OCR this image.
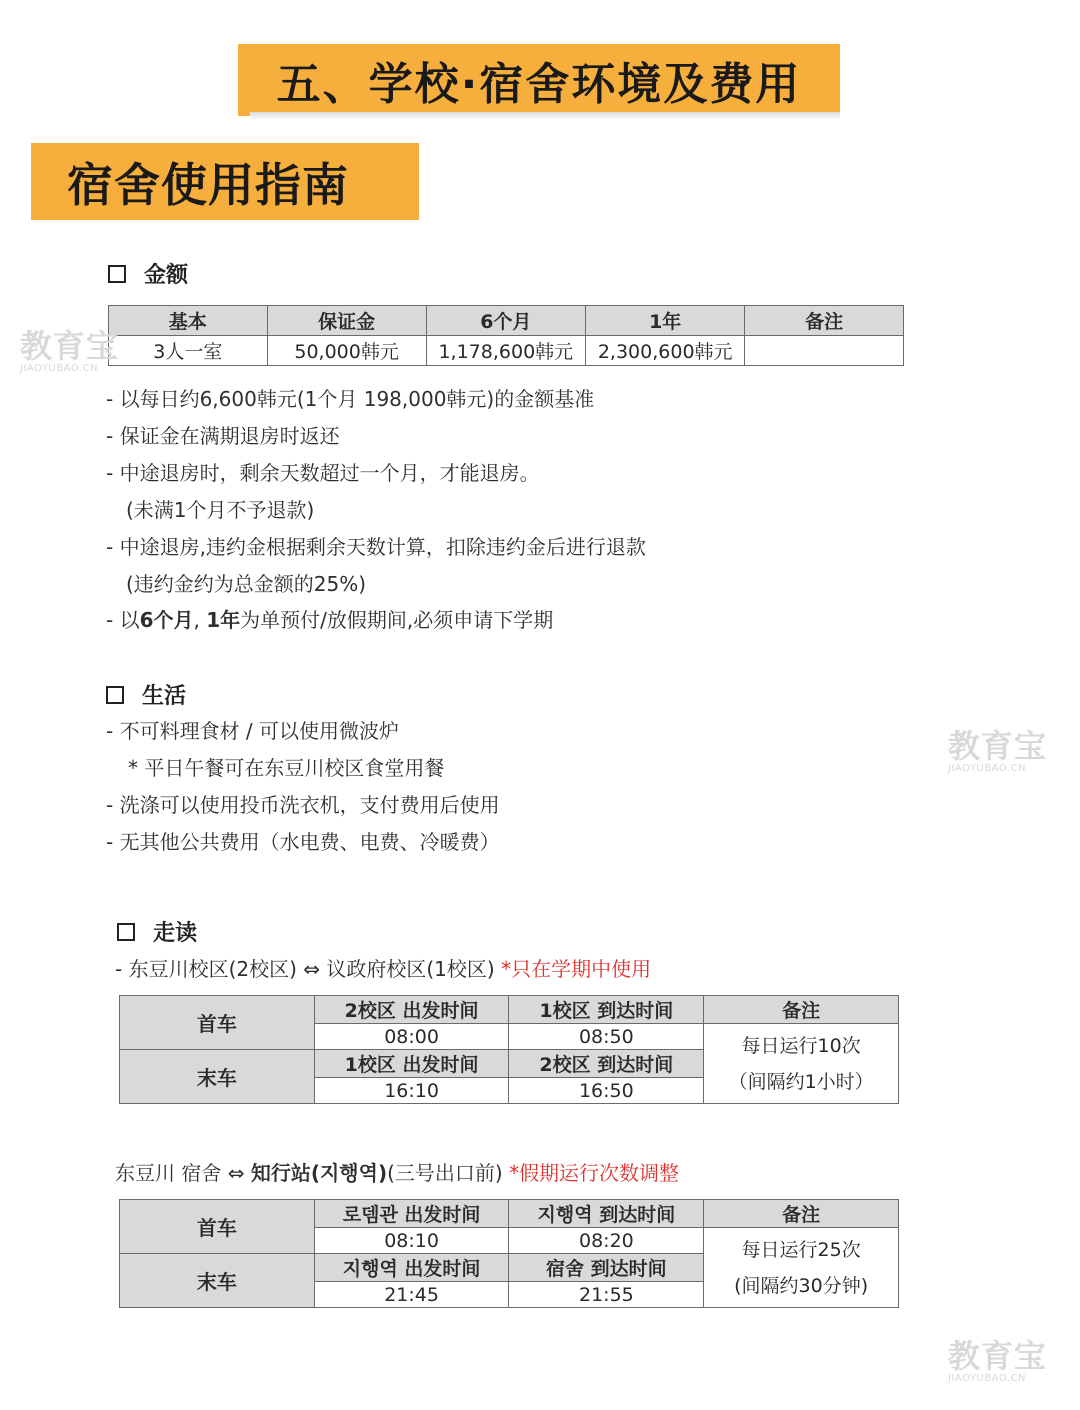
五、学校·宿舍环境及费用
宿舍使用指南
金额
基本	保证金	6个月	1年	备注
3人一室	50,000韩元	1,178,600韩元	2,300,600韩元	
- 以每日约6,600韩元(1个月 198,000韩元)的金额基准
- 保证金在满期退房时返还
- 中途退房时，剩余天数超过一个月，才能退房。
(未满1个月不予退款)
- 中途退房,违约金根据剩余天数计算，扣除违约金后进行退款
(违约金约为总金额的25%)
- 以6个月, 1年为单预付/放假期间,必须申请下学期
生活
- 不可料理食材 / 可以使用微波炉
* 平日午餐可在东豆川校区食堂用餐
- 洗涤可以使用投币洗衣机，支付费用后使用
- 无其他公共费用（水电费、电费、冷暖费）
走读
- 东豆川校区(2校区) ⇔ 议政府校区(1校区) *只在学期中使用
首车	2校区 出发时间	1校区 到达时间	备注
	08:00	08:50	每日运行10次
（间隔约1小时）

末车	1校区 出发时间	2校区 到达时间	
	16:10	16:50	
东豆川 宿舍 ⇔ 知行站(지행역)(三号出口前) *假期运行次数调整
首车	로뎀관 出发时间	지행역 到达时间	备注
	08:10	08:20	每日运行25次
(间隔约30分钟)

末车	지행역 出发时间	宿舍 到达时间	
	21:45	21:55	
教育宝
JIAOYUBAO.CN
教育宝
JIAOYUBAO.CN
教育宝
JIAOYUBAO.CN
